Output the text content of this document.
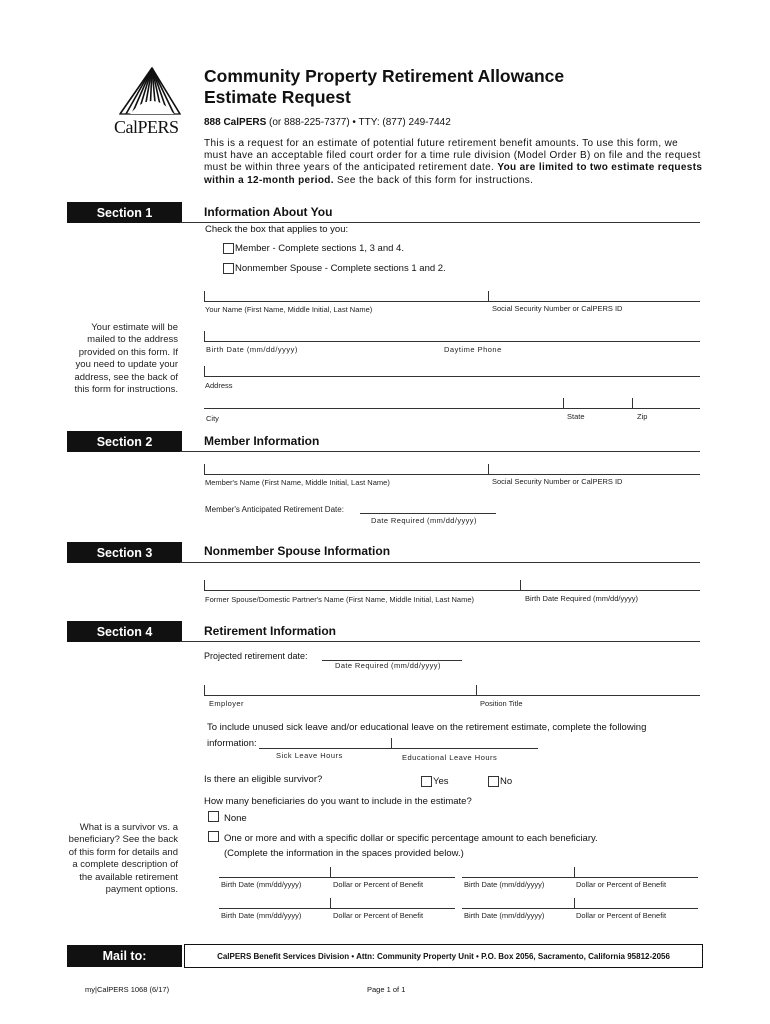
CalPERS
Community Property Retirement Allowance Estimate Request
888 CalPERS (or 888-225-7377) • TTY: (877) 249-7442
This is a request for an estimate of potential future retirement benefit amounts. To use this form, we must have an acceptable filed court order for a time rule division (Model Order B) on file and the request must be within three years of the anticipated retirement date. You are limited to two estimate requests within a 12-month period. See the back of this form for instructions.
Section 1	Information About You
Check the box that applies to you:
Member - Complete sections 1, 3 and 4.
Nonmember Spouse - Complete sections 1 and 2.
Your Name (First Name, Middle Initial, Last Name)	Social Security Number or CalPERS ID
Birth Date (mm/dd/yyyy)	Daytime Phone
Address
City	State	Zip
Your estimate will be mailed to the address provided on this form. If you need to update your address, see the back of this form for instructions.
Section 2	Member Information
Member's Name (First Name, Middle Initial, Last Name)	Social Security Number or CalPERS ID
Member's Anticipated Retirement Date:
Date Required (mm/dd/yyyy)
Section 3	Nonmember Spouse Information
Former Spouse/Domestic Partner's Name (First Name, Middle Initial, Last Name)	Birth Date Required (mm/dd/yyyy)
Section 4	Retirement Information
Projected retirement date:
Date Required (mm/dd/yyyy)
Employer	Position Title
To include unused sick leave and/or educational leave on the retirement estimate, complete the following
information:
Sick Leave Hours	Educational Leave Hours
Is there an eligible survivor?	Yes	No
How many beneficiaries do you want to include in the estimate?
None
One or more and with a specific dollar or specific percentage amount to each beneficiary.
(Complete the information in the spaces provided below.)
Birth Date (mm/dd/yyyy)	Dollar or Percent of Benefit	Birth Date (mm/dd/yyyy)	Dollar or Percent of Benefit
Birth Date (mm/dd/yyyy)	Dollar or Percent of Benefit	Birth Date (mm/dd/yyyy)	Dollar or Percent of Benefit
What is a survivor vs. a beneficiary? See the back of this form for details and a complete description of the available retirement payment options.
Mail to:	CalPERS Benefit Services Division • Attn: Community Property Unit • P.O. Box 2056, Sacramento, California 95812-2056
my|CalPERS 1068 (6/17)	Page 1 of 1
